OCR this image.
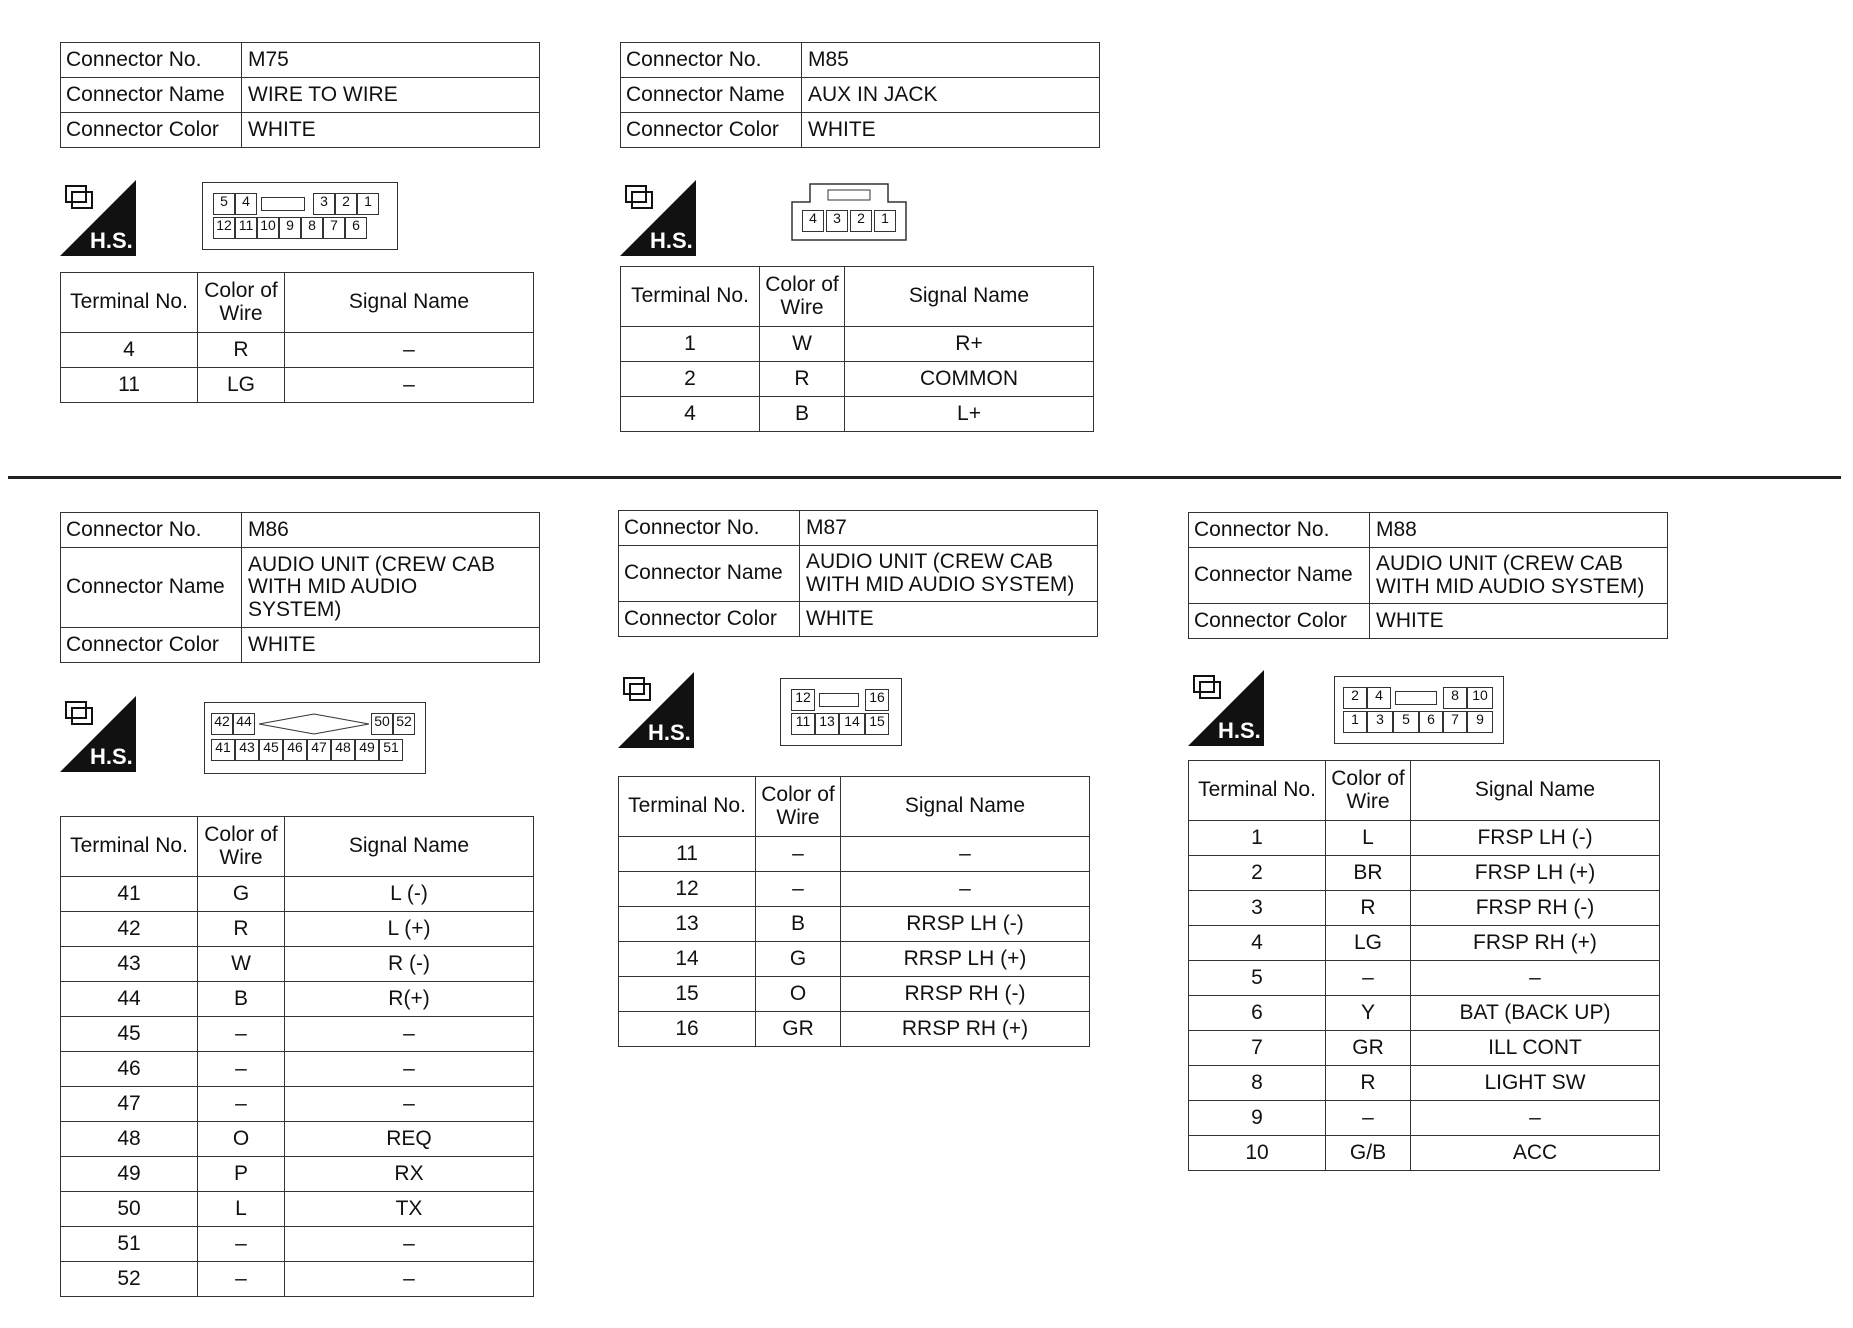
Connector No.	M75
Connector Name	WIRE TO WIRE
Connector Color	WHITE
H.S.
5	4	3	2	1
12 11 10 9	8	7	6
Terminal No.	Color of
Wire	Signal Name
4	R	–
11	LG	–
Connector No.	M85
Connector Name	AUX IN JACK
Connector Color	WHITE
H.S.
4	3	2	1
Terminal No.	Color of
Wire	Signal Name
1	W	R+
2	R	COMMON
4	B	L+
Connector No.	M86
Connector Name	AUDIO UNIT (CREW CAB
WITH MID AUDIO
SYSTEM)
Connector Color	WHITE
H.S.
42 44	50 52
41 43 45 46 47 48 49 51
Terminal No.	Color of
Wire	Signal Name
41	G	L (-)
42	R	L (+)
43	W	R (-)
44	B	R(+)
45	–	–
46	–	–
47	–	–
48	O	REQ
49	P	RX
50	L	TX
51	–	–
52	–	–
Connector No.	M87
Connector Name	AUDIO UNIT (CREW CAB
WITH MID AUDIO SYSTEM)
Connector Color	WHITE
H.S.
12	16
11 13 14 15
Terminal No.	Color of
Wire	Signal Name
11	–	–
12	–	–
13	B	RRSP LH (-)
14	G	RRSP LH (+)
15	O	RRSP RH (-)
16	GR	RRSP RH (+)
Connector No.	M88
Connector Name	AUDIO UNIT (CREW CAB
WITH MID AUDIO SYSTEM)
Connector Color	WHITE
H.S.
2	4	8 10
1	3	5	6	7	9
Terminal No.	Color of
Wire	Signal Name
1	L	FRSP LH (-)
2	BR	FRSP LH (+)
3	R	FRSP RH (-)
4	LG	FRSP RH (+)
5	–	–
6	Y	BAT (BACK UP)
7	GR	ILL CONT
8	R	LIGHT SW
9	–	–
10	G/B	ACC
